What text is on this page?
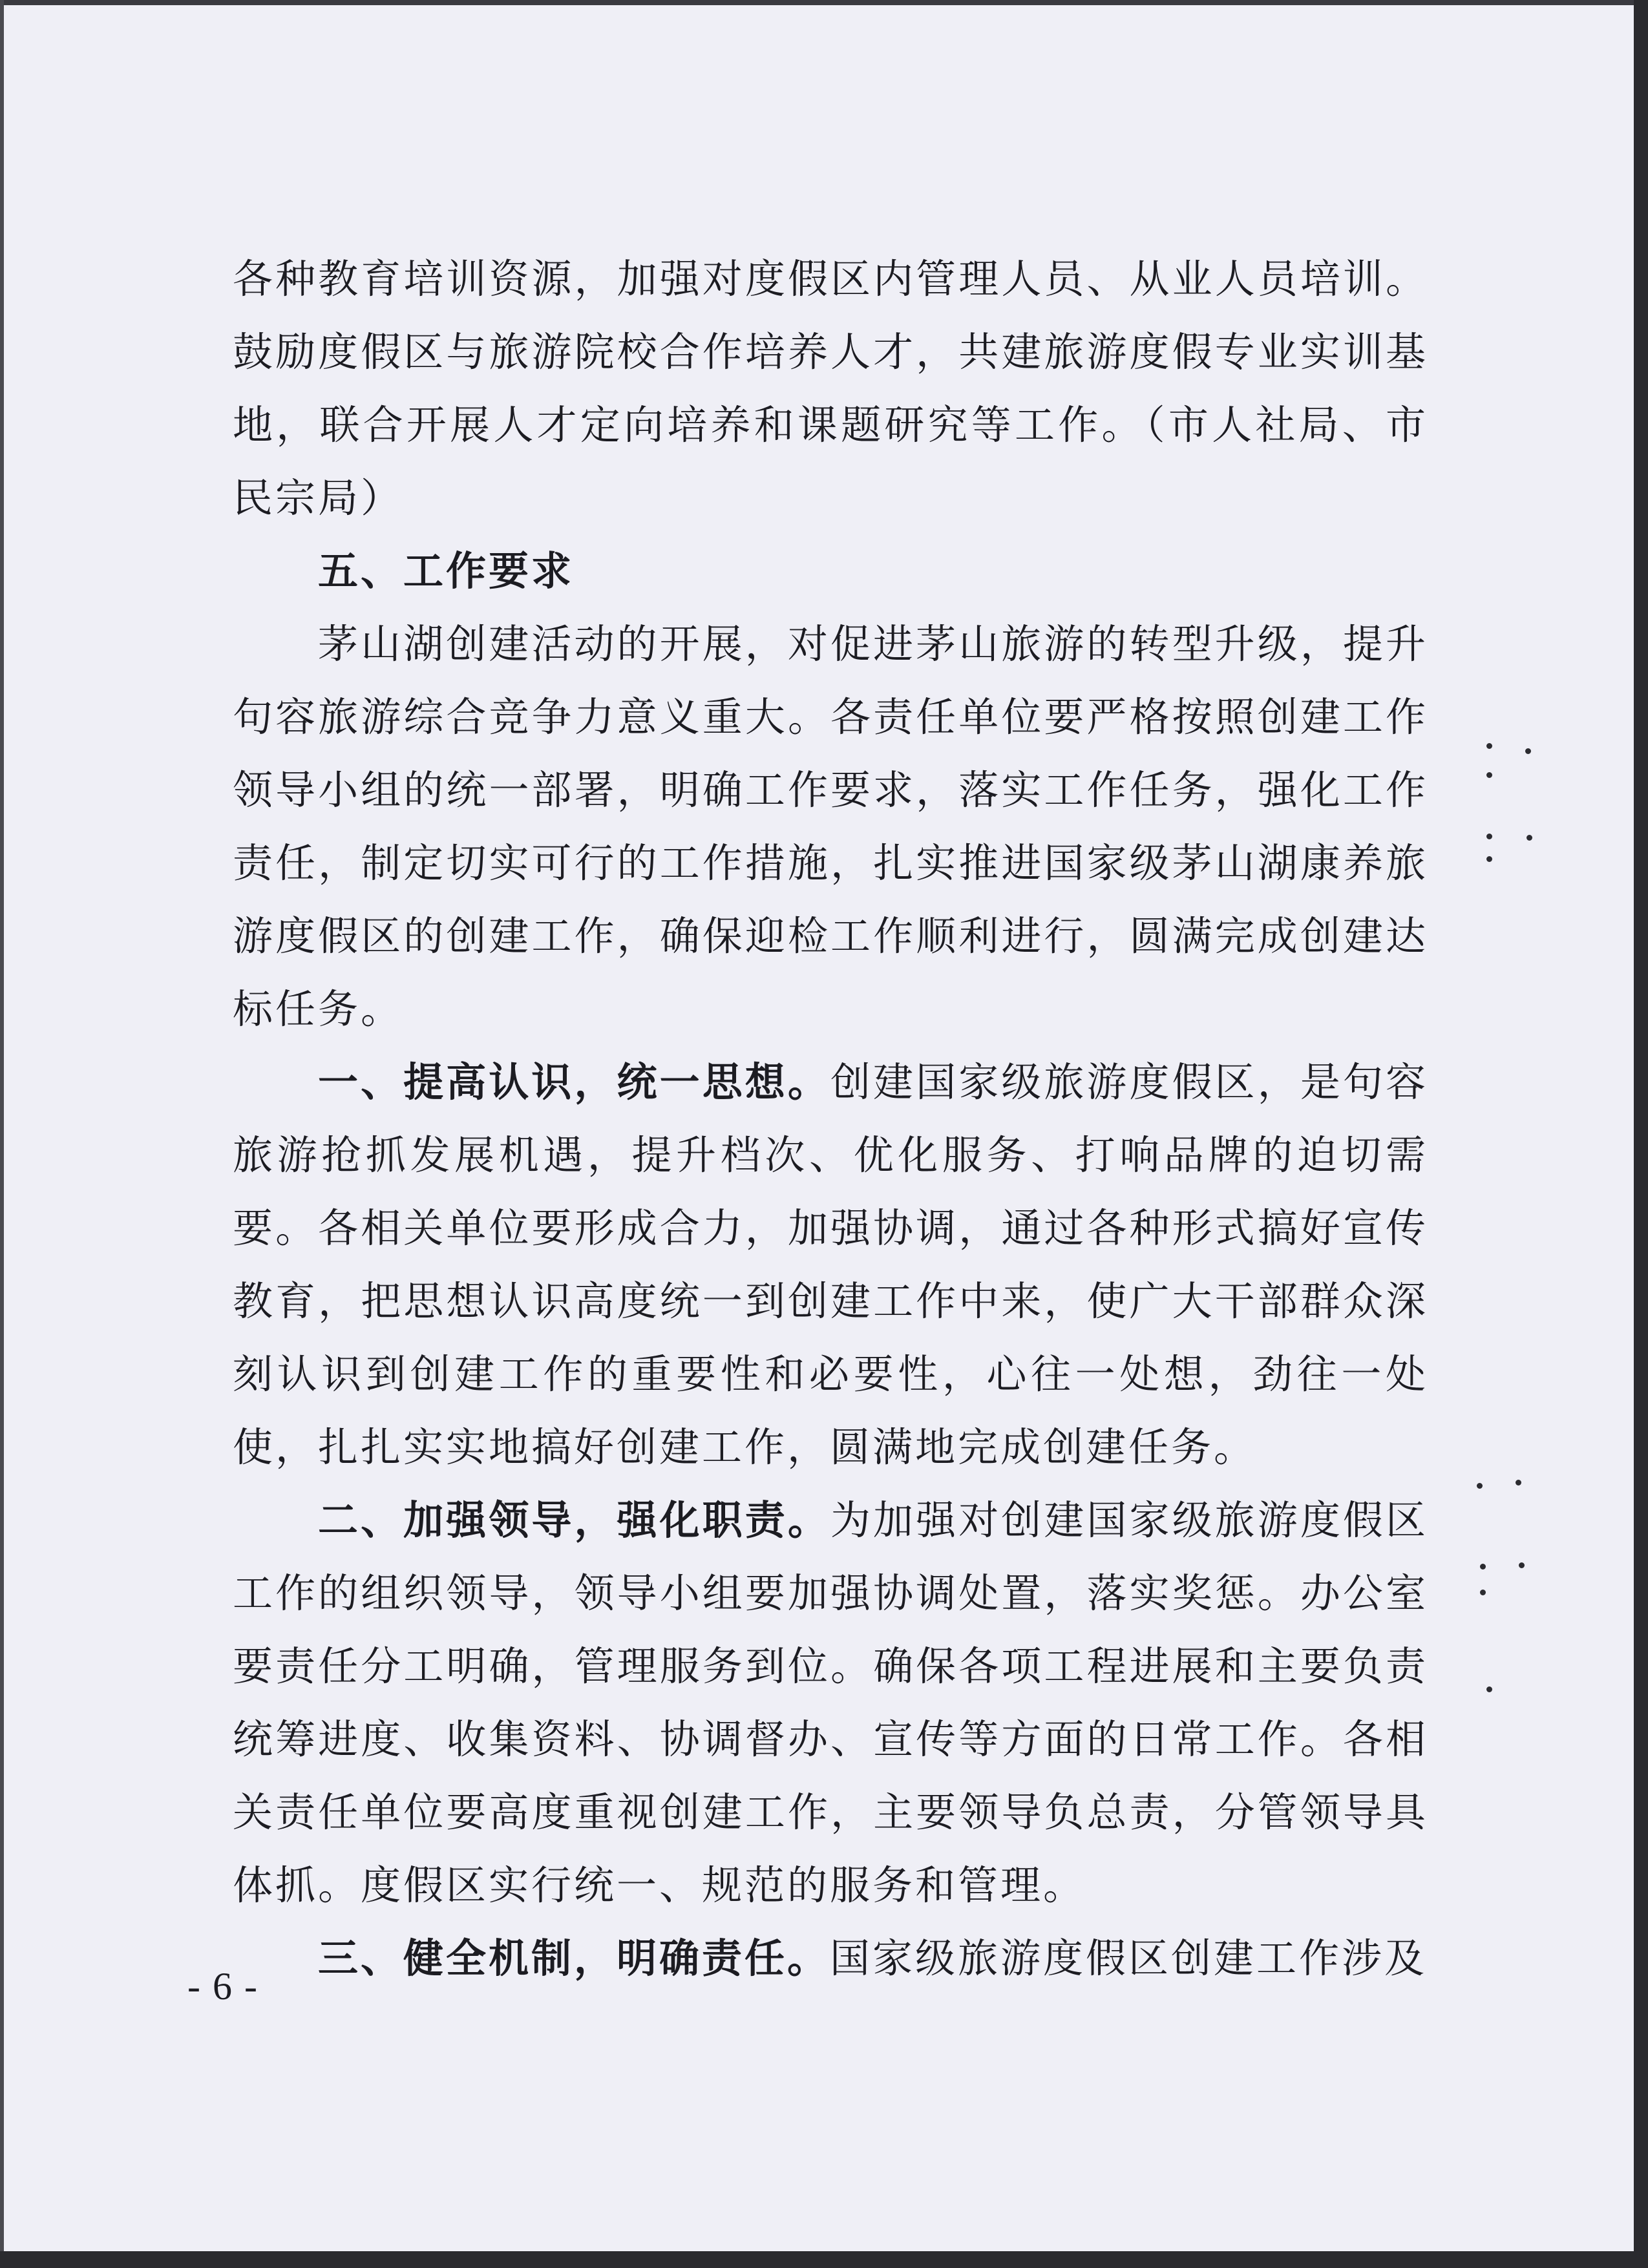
各种教育培训资源，加强对度假区内管理人员、从业人员培训。鼓励度假区与旅游院校合作培养人才，共建旅游度假专业实训基地，联合开展人才定向培养和课题研究等工作。（市人社局、市民宗局）

五、工作要求

茅山湖创建活动的开展，对促进茅山旅游的转型升级，提升句容旅游综合竞争力意义重大。各责任单位要严格按照创建工作领导小组的统一部署，明确工作要求，落实工作任务，强化工作责任，制定切实可行的工作措施，扎实推进国家级茅山湖康养旅游度假区的创建工作，确保迎检工作顺利进行，圆满完成创建达标任务。

一、提高认识，统一思想。创建国家级旅游度假区，是句容旅游抢抓发展机遇，提升档次、优化服务、打响品牌的迫切需要。各相关单位要形成合力，加强协调，通过各种形式搞好宣传教育，把思想认识高度统一到创建工作中来，使广大干部群众深刻认识到创建工作的重要性和必要性，心往一处想，劲往一处使，扎扎实实地搞好创建工作，圆满地完成创建任务。

二、加强领导，强化职责。为加强对创建国家级旅游度假区工作的组织领导，领导小组要加强协调处置，落实奖惩。办公室要责任分工明确，管理服务到位。确保各项工程进展和主要负责统筹进度、收集资料、协调督办、宣传等方面的日常工作。各相关责任单位要高度重视创建工作，主要领导负总责，分管领导具体抓。度假区实行统一、规范的服务和管理。

三、健全机制，明确责任。国家级旅游度假区创建工作涉及

- 6 -
